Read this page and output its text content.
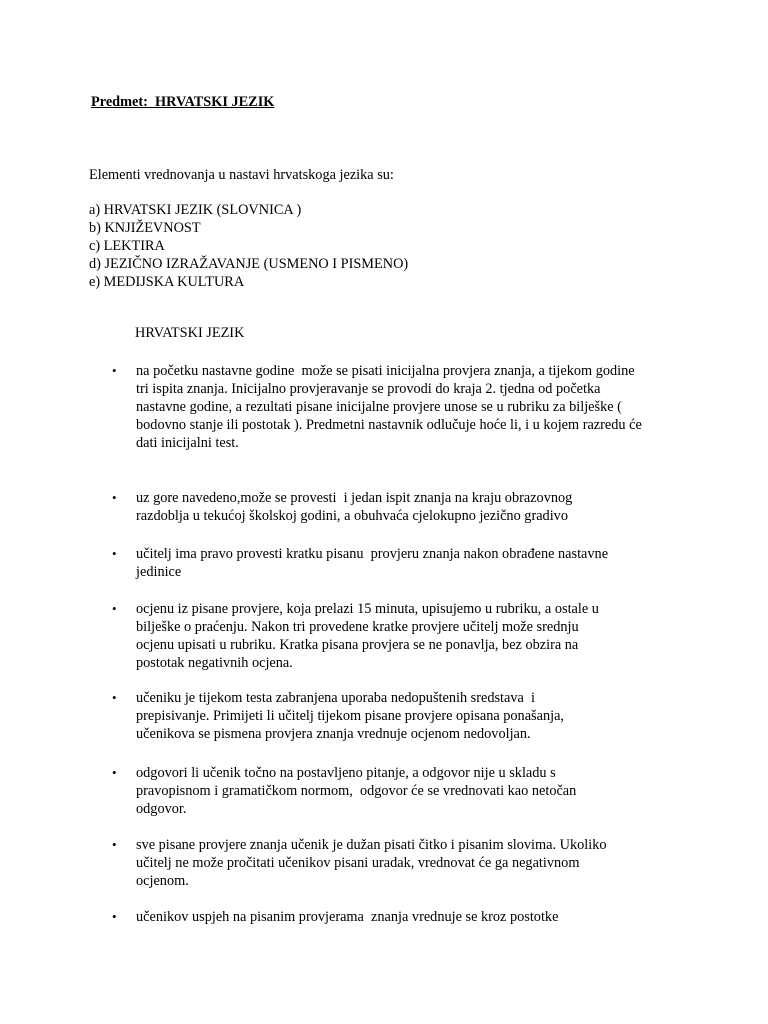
Predmet:  HRVATSKI JEZIK
Elementi vrednovanja u nastavi hrvatskoga jezika su:
a) HRVATSKI JEZIK (SLOVNICA )
b) KNJIŽEVNOST
c) LEKTIRA
d) JEZIČNO IZRAŽAVANJE (USMENO I PISMENO)
e) MEDIJSKA KULTURA
HRVATSKI JEZIK
•	na početku nastavne godine  može se pisati inicijalna provjera znanja, a tijekom godine
tri ispita znanja. Inicijalno provjeravanje se provodi do kraja 2. tjedna od početka
nastavne godine, a rezultati pisane inicijalne provjere unose se u rubriku za bilješke (
bodovno stanje ili postotak ). Predmetni nastavnik odlučuje hoće li, i u kojem razredu će
dati inicijalni test.
•	uz gore navedeno,može se provesti  i jedan ispit znanja na kraju obrazovnog
razdoblja u tekućoj školskoj godini, a obuhvaća cjelokupno jezično gradivo
•	učitelj ima pravo provesti kratku pisanu  provjeru znanja nakon obrađene nastavne
jedinice
•	ocjenu iz pisane provjere, koja prelazi 15 minuta, upisujemo u rubriku, a ostale u
bilješke o praćenju. Nakon tri provedene kratke provjere učitelj može srednju
ocjenu upisati u rubriku. Kratka pisana provjera se ne ponavlja, bez obzira na
postotak negativnih ocjena.
•	učeniku je tijekom testa zabranjena uporaba nedopuštenih sredstava  i
prepisivanje. Primijeti li učitelj tijekom pisane provjere opisana ponašanja,
učenikova se pismena provjera znanja vrednuje ocjenom nedovoljan.
•	odgovori li učenik točno na postavljeno pitanje, a odgovor nije u skladu s
pravopisnom i gramatičkom normom,  odgovor će se vrednovati kao netočan
odgovor.
•	sve pisane provjere znanja učenik je dužan pisati čitko i pisanim slovima. Ukoliko
učitelj ne može pročitati učenikov pisani uradak, vrednovat će ga negativnom
ocjenom.
•	učenikov uspjeh na pisanim provjerama  znanja vrednuje se kroz postotke
